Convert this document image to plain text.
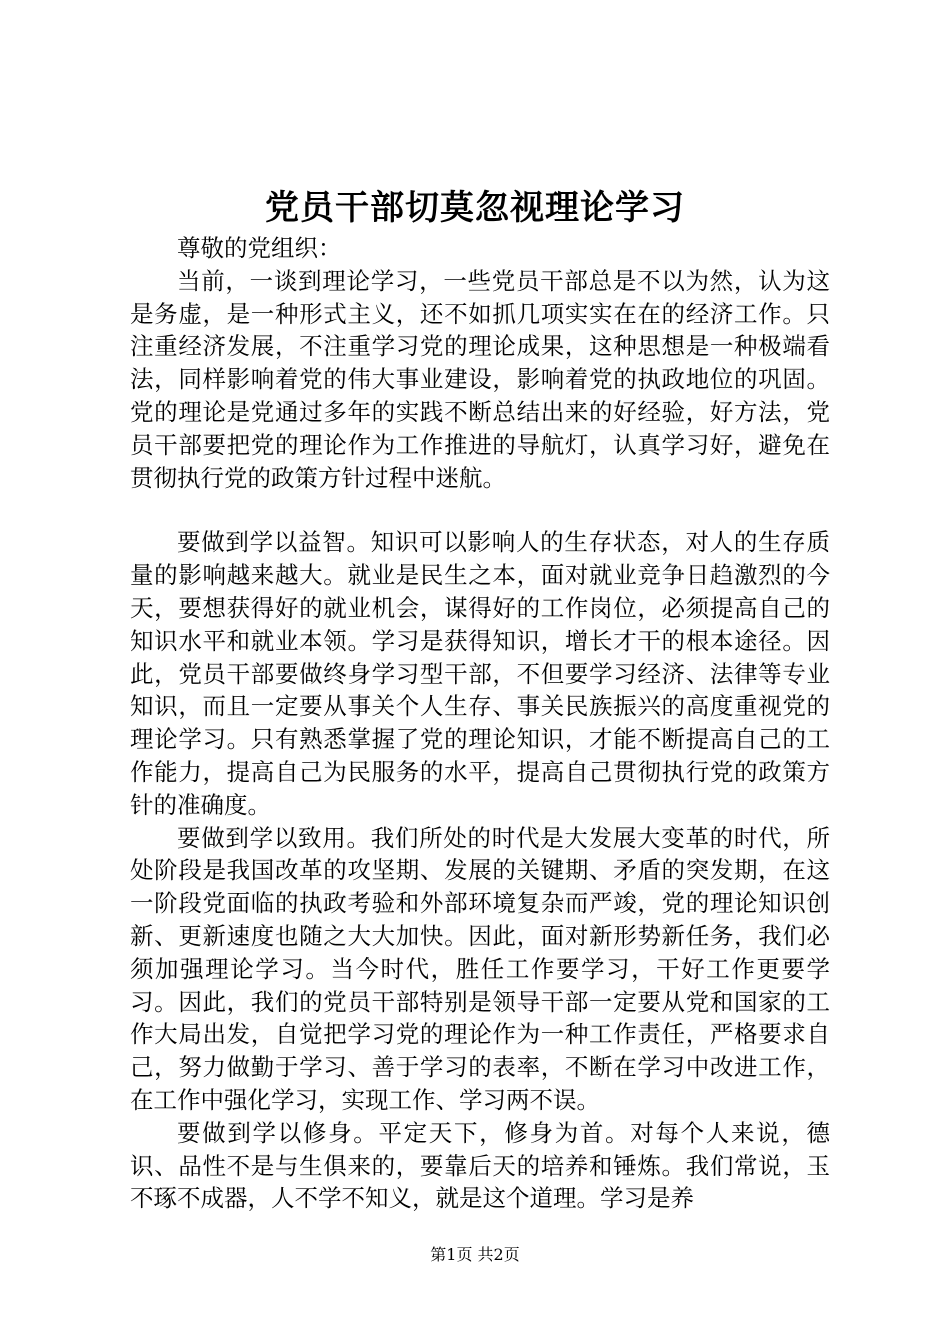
党员干部切莫忽视理论学习

尊敬的党组织：

当前，一谈到理论学习，一些党员干部总是不以为然，认为这是务虚，是一种形式主义，还不如抓几项实实在在的经济工作。只注重经济发展，不注重学习党的理论成果，这种思想是一种极端看法，同样影响着党的伟大事业建设，影响着党的执政地位的巩固。党的理论是党通过多年的实践不断总结出来的好经验，好方法，党员干部要把党的理论作为工作推进的导航灯，认真学习好，避免在贯彻执行党的政策方针过程中迷航。

要做到学以益智。知识可以影响人的生存状态，对人的生存质量的影响越来越大。就业是民生之本，面对就业竞争日趋激烈的今天，要想获得好的就业机会，谋得好的工作岗位，必须提高自己的知识水平和就业本领。学习是获得知识，增长才干的根本途径。因此，党员干部要做终身学习型干部，不但要学习经济、法律等专业知识，而且一定要从事关个人生存、事关民族振兴的高度重视党的理论学习。只有熟悉掌握了党的理论知识，才能不断提高自己的工作能力，提高自己为民服务的水平，提高自己贯彻执行党的政策方针的准确度。

要做到学以致用。我们所处的时代是大发展大变革的时代，所处阶段是我国改革的攻坚期、发展的关键期、矛盾的突发期，在这一阶段党面临的执政考验和外部环境复杂而严竣，党的理论知识创新、更新速度也随之大大加快。因此，面对新形势新任务，我们必须加强理论学习。当今时代，胜任工作要学习，干好工作更要学习。因此，我们的党员干部特别是领导干部一定要从党和国家的工作大局出发，自觉把学习党的理论作为一种工作责任，严格要求自己，努力做勤于学习、善于学习的表率，不断在学习中改进工作，在工作中强化学习，实现工作、学习两不误。

要做到学以修身。平定天下，修身为首。对每个人来说，德识、品性不是与生俱来的，要靠后天的培养和锤炼。我们常说，玉不琢不成器，人不学不知义，就是这个道理。学习是养

第1页 共2页
